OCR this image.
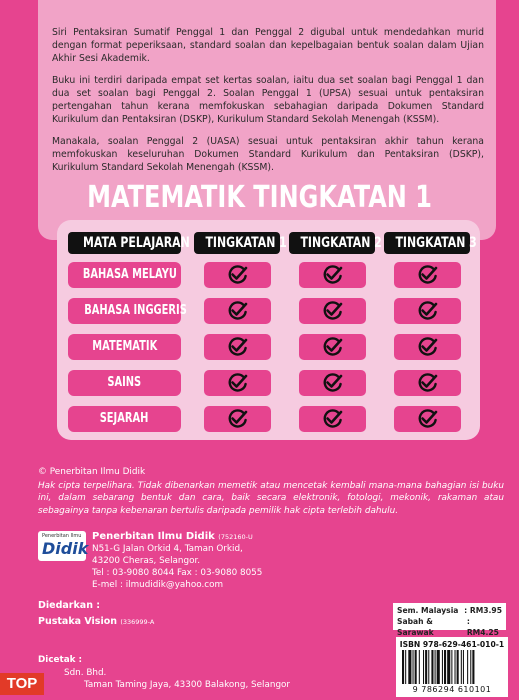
Siri Pentaksiran Sumatif Penggal 1 dan Penggal 2 digubal untuk mendedahkan murid dengan format peperiksaan, standard soalan dan kepelbagaian bentuk soalan dalam Ujian Akhir Sesi Akademik.

Buku ini terdiri daripada empat set kertas soalan, iaitu dua set soalan bagi Penggal 1 dan dua set soalan bagi Penggal 2. Soalan Penggal 1 (UPSA) sesuai untuk pentaksiran pertengahan tahun kerana memfokuskan sebahagian daripada Dokumen Standard Kurikulum dan Pentaksiran (DSKP), Kurikulum Standard Sekolah Menengah (KSSM).

Manakala, soalan Penggal 2 (UASA) sesuai untuk pentaksiran akhir tahun kerana memfokuskan keseluruhan Dokumen Standard Kurikulum dan Pentaksiran (DSKP), Kurikulum Standard Sekolah Menengah (KSSM).

MATEMATIK TINGKATAN 1
MATA PELAJARAN	TINGKATAN 1 TINGKATAN 2 TINGKATAN 3
BAHASA MELAYU
BAHASA INGGERIS
MATEMATIK
SAINS
SEJARAH
© Penerbitan Ilmu Didik
Hak cipta terpelihara. Tidak dibenarkan memetik atau mencetak kembali mana-mana bahagian isi buku ini, dalam sebarang bentuk dan cara, baik secara elektronik, fotologi, mekonik, rakaman atau sebagainya tanpa kebenaran bertulis daripada pemilik hak cipta terlebih dahulu.
Penerbitan Ilmu
Didik
Penerbitan Ilmu Didik (752160-U
N51-G Jalan Orkid 4, Taman Orkid,
43200 Cheras, Selangor.
Tel : 03-9080 8044 Fax : 03-9080 8055
E-mel : ilmudidik@yahoo.com
Sem. Malaysia : RM3.95
Sabah & Sarawak
: RM4.25
Diedarkan :
Pustaka Vision (336999-A
Dicetak :
Sdn. Bhd.
Taman Taming Jaya, 43300 Balakong, Selangor
ISBN 978-629-461-010-1
9 786294 610101
TOP
